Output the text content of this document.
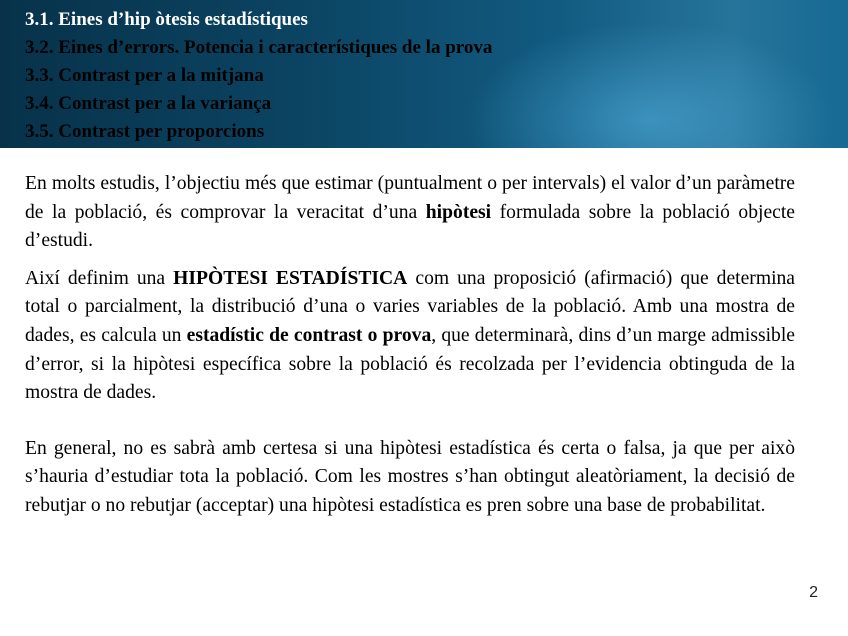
3.1. Eines d’hip òtesis estadístiques
3.2. Eines d’errors. Potencia i característiques de la prova
3.3. Contrast per a la mitjana
3.4. Contrast per a la variança
3.5. Contrast per proporcions

En molts estudis, l’objectiu més que estimar (puntualment o per intervals) el valor d’un paràmetre de la població, és comprovar la veracitat d’una hipòtesi formulada sobre la població objecte d’estudi.

Així definim una HIPÒTESI ESTADÍSTICA com una proposició (afirmació) que determina total o parcialment, la distribució d’una o varies variables de la població. Amb una mostra de dades, es calcula un estadístic de contrast o prova, que determinarà, dins d’un marge admissible d’error, si la hipòtesi específica sobre la població és recolzada per l’evidencia obtinguda de la mostra de dades.

En general, no es sabrà amb certesa si una hipòtesi estadística és certa o falsa, ja que per això s’hauria d’estudiar tota la població. Com les mostres s’han obtingut aleatòriament, la decisió de rebutjar o no rebutjar (acceptar) una hipòtesi estadística es pren sobre una base de probabilitat.

2
